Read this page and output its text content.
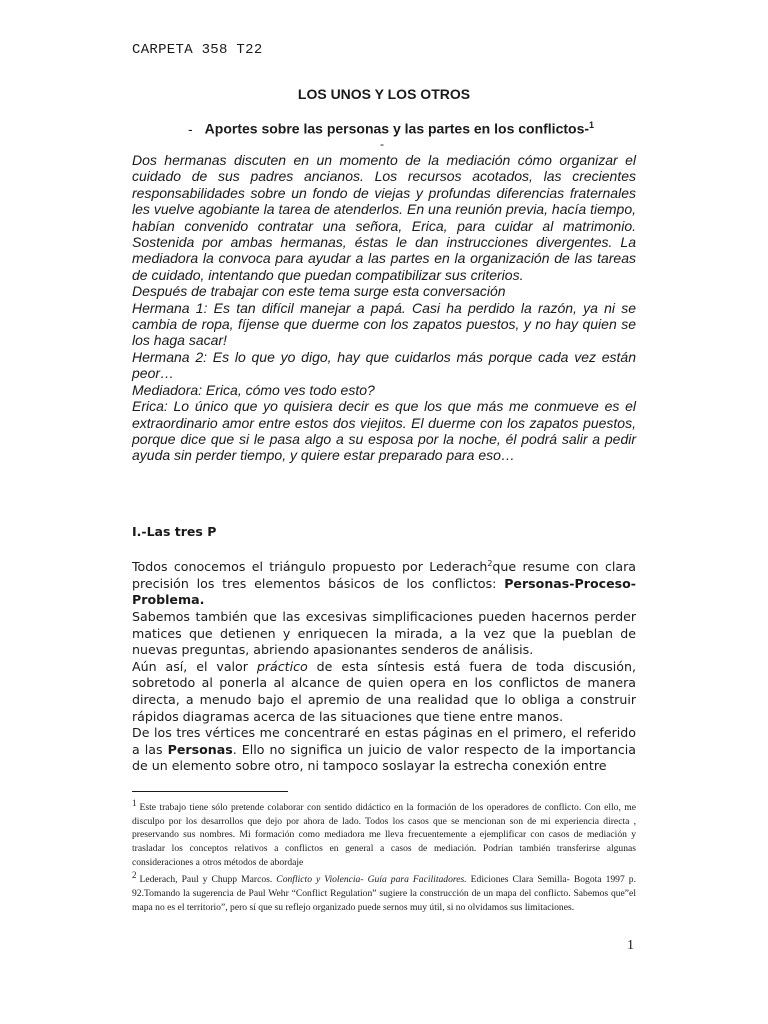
CARPETA 358 T22
LOS UNOS Y LOS OTROS
- Aportes sobre las personas y las partes en los conflictos-$^1$
-

Dos hermanas discuten en un momento de la mediación cómo organizar el cuidado de sus padres ancianos. Los recursos acotados, las crecientes responsabilidades sobre un fondo de viejas y profundas diferencias fraternales les vuelve agobiante la tarea de atenderlos. En una reunión previa, hacía tiempo, habían convenido contratar una señora, Erica, para cuidar al matrimonio. Sostenida por ambas hermanas, éstas le dan instrucciones divergentes. La mediadora la convoca para ayudar a las partes en la organización de las tareas de cuidado, intentando que puedan compatibilizar sus criterios.

Después de trabajar con este tema surge esta conversación

Hermana 1: Es tan difícil manejar a papá. Casi ha perdido la razón, ya ni se cambia de ropa, fíjense que duerme con los zapatos puestos, y no hay quien se los haga sacar!

Hermana 2: Es lo que yo digo, hay que cuidarlos más porque cada vez están peor…

Mediadora: Erica, cómo ves todo esto?

Erica: Lo único que yo quisiera decir es que los que más me conmueve es el extraordinario amor entre estos dos viejitos. El duerme con los zapatos puestos, porque dice que si le pasa algo a su esposa por la noche, él podrá salir a pedir ayuda sin perder tiempo, y quiere estar preparado para eso…

I.-Las tres P

Todos conocemos el triángulo propuesto por Lederach$^2$que resume con clara precisión los tres elementos básicos de los conflictos: Personas-Proceso-Problema.

Sabemos también que las excesivas simplificaciones pueden hacernos perder matices que detienen y enriquecen la mirada, a la vez que la pueblan de nuevas preguntas, abriendo apasionantes senderos de análisis.

Aún así, el valor práctico de esta síntesis está fuera de toda discusión, sobretodo al ponerla al alcance de quien opera en los conflictos de manera directa, a menudo bajo el apremio de una realidad que lo obliga a construir rápidos diagramas acerca de las situaciones que tiene entre manos.

De los tres vértices me concentraré en estas páginas en el primero, el referido a las Personas. Ello no significa un juicio de valor respecto de la importancia de un elemento sobre otro, ni tampoco soslayar la estrecha conexión entre

$^1$ Este trabajo tiene sólo pretende colaborar con sentido didáctico en la formación de los operadores de conflicto. Con ello, me disculpo por los desarrollos que dejo por ahora de lado. Todos los casos que se mencionan son de mi experiencia directa , preservando sus nombres. Mi formación como mediadora me lleva frecuentemente a ejemplificar con casos de mediación y trasladar los conceptos relativos a conflictos en general a casos de mediación. Podrían también transferirse algunas consideraciones a otros métodos de abordaje

$^2$ Lederach, Paul y Chupp Marcos. Conflicto y Violencia- Guía para Facilitadores. Ediciones Clara Semilla- Bogota 1997 p. 92.Tomando la sugerencia de Paul Wehr “Conflict Regulation” sugiere la construcción de un mapa del conflicto. Sabemos que”el mapa no es el territorio”, pero sí que su reflejo organizado puede sernos muy útil, si no olvidamos sus limitaciones.

1
